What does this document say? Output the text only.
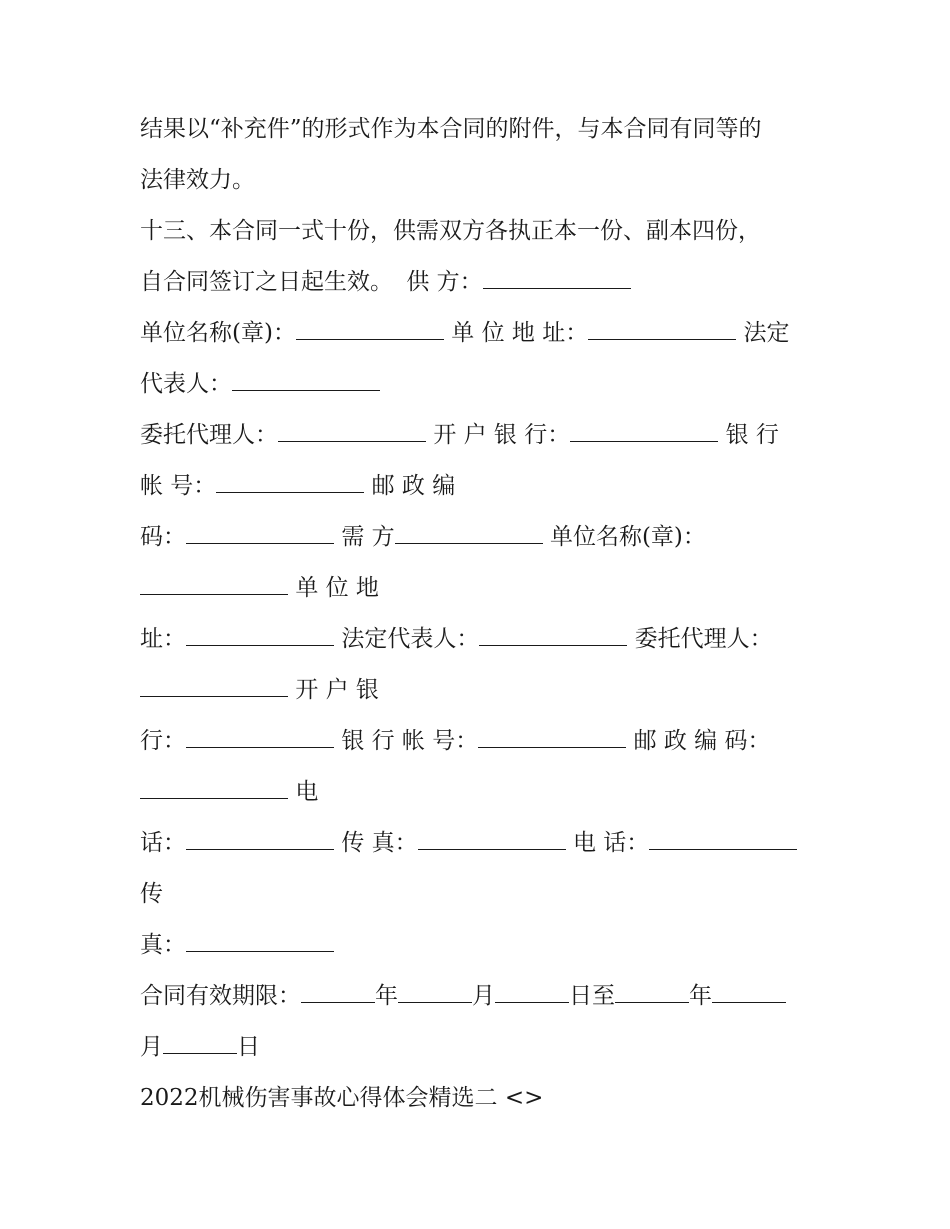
结果以“补充件”的形式作为本合同的附件，与本合同有同等的
法律效力。
十三、本合同一式十份，供需双方各执正本一份、副本四份，
自合同签订之日起生效。 供 方：
单位名称(章)：	单 位 地 址：	法定
代表人：
委托代理人：	开 户 银 行：	银 行
帐 号：	邮 政 编
码：	需 方	单位名称(章)：
单 位 地
址：	法定代表人：	委托代理人：
开 户 银
行：	银 行 帐 号：	邮 政 编 码：
电
话：	传 真：	电 话：
传
真：
合同有效期限：	年	月	日至	年
月	日
2022机械伤害事故心得体会精选二 <>
